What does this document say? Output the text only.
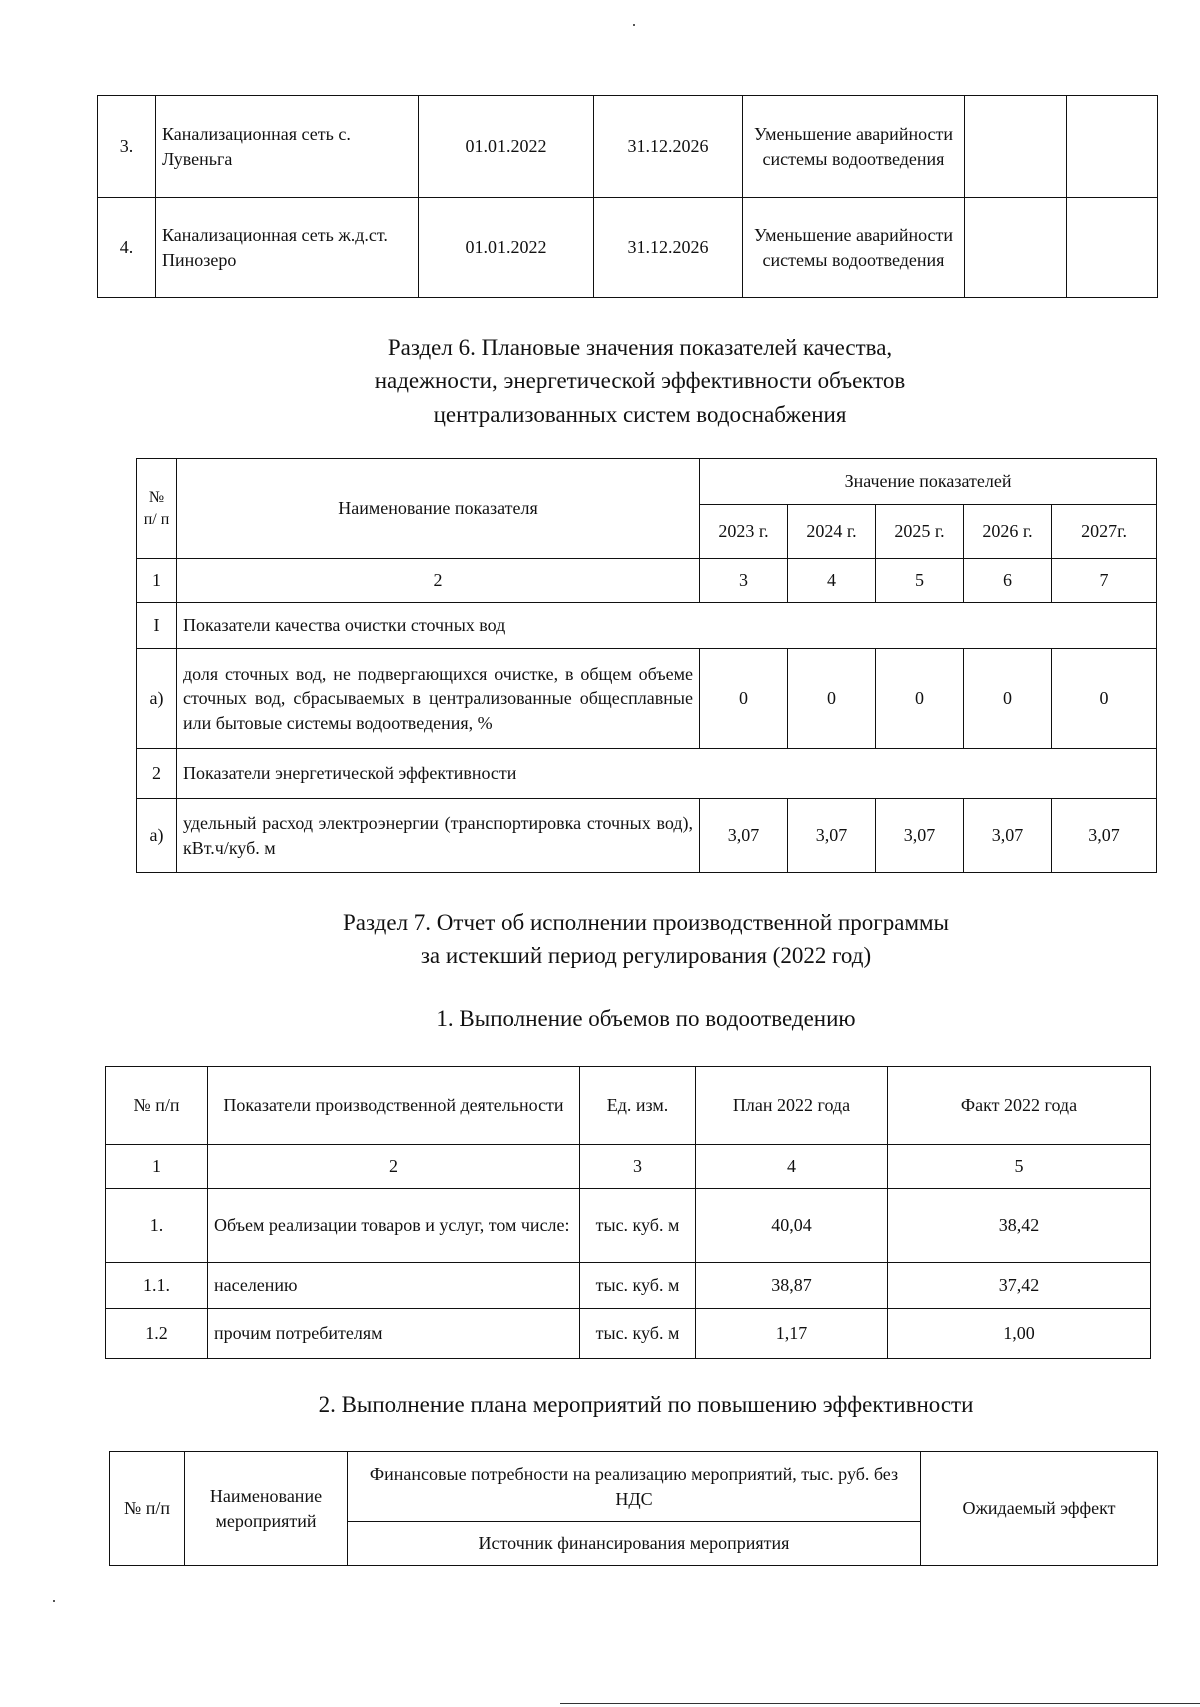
3.	Канализационная сеть с. Лувеньга	01.01.2022	31.12.2026	Уменьшение аварийности системы водоотведения		
4.	Канализационная сеть ж.д.ст. Пинозеро	01.01.2022	31.12.2026	Уменьшение аварийности системы водоотведения		
Раздел 6. Плановые значения показателей качества,
надежности, энергетической эффективности объектов
централизованных систем водоснабжения
№ п/ п	Наименование показателя	Значение показателей				
		2023 г.	2024 г.	2025 г.	2026 г.	2027г.
1	2	3	4	5	6	7
I	Показатели качества очистки сточных вод					
а)	доля сточных вод, не подвергающихся очистке, в общем объеме сточных вод, сбрасываемых в централизованные общесплавные или бытовые системы водоотведения, %	0	0	0	0	0
2	Показатели энергетической эффективности					
а)	удельный расход электроэнергии (транспортировка сточных вод), кВт.ч/куб. м	3,07	3,07	3,07	3,07	3,07
Раздел 7. Отчет об исполнении производственной программы
за истекший период регулирования (2022 год)
1. Выполнение объемов по водоотведению
№ п/п	Показатели производственной деятельности	Ед. изм.	План 2022 года	Факт 2022 года
1	2	3	4	5
1.	Объем реализации товаров и услуг, том числе:	тыс. куб. м	40,04	38,42
1.1.	населению	тыс. куб. м	38,87	37,42
1.2	прочим потребителям	тыс. куб. м	1,17	1,00
2. Выполнение плана мероприятий по повышению эффективности
№ п/п	Наименование мероприятий	Финансовые потребности на реализацию мероприятий, тыс. руб. без НДС	Ожидаемый эффект
Источник финансирования мероприятия
